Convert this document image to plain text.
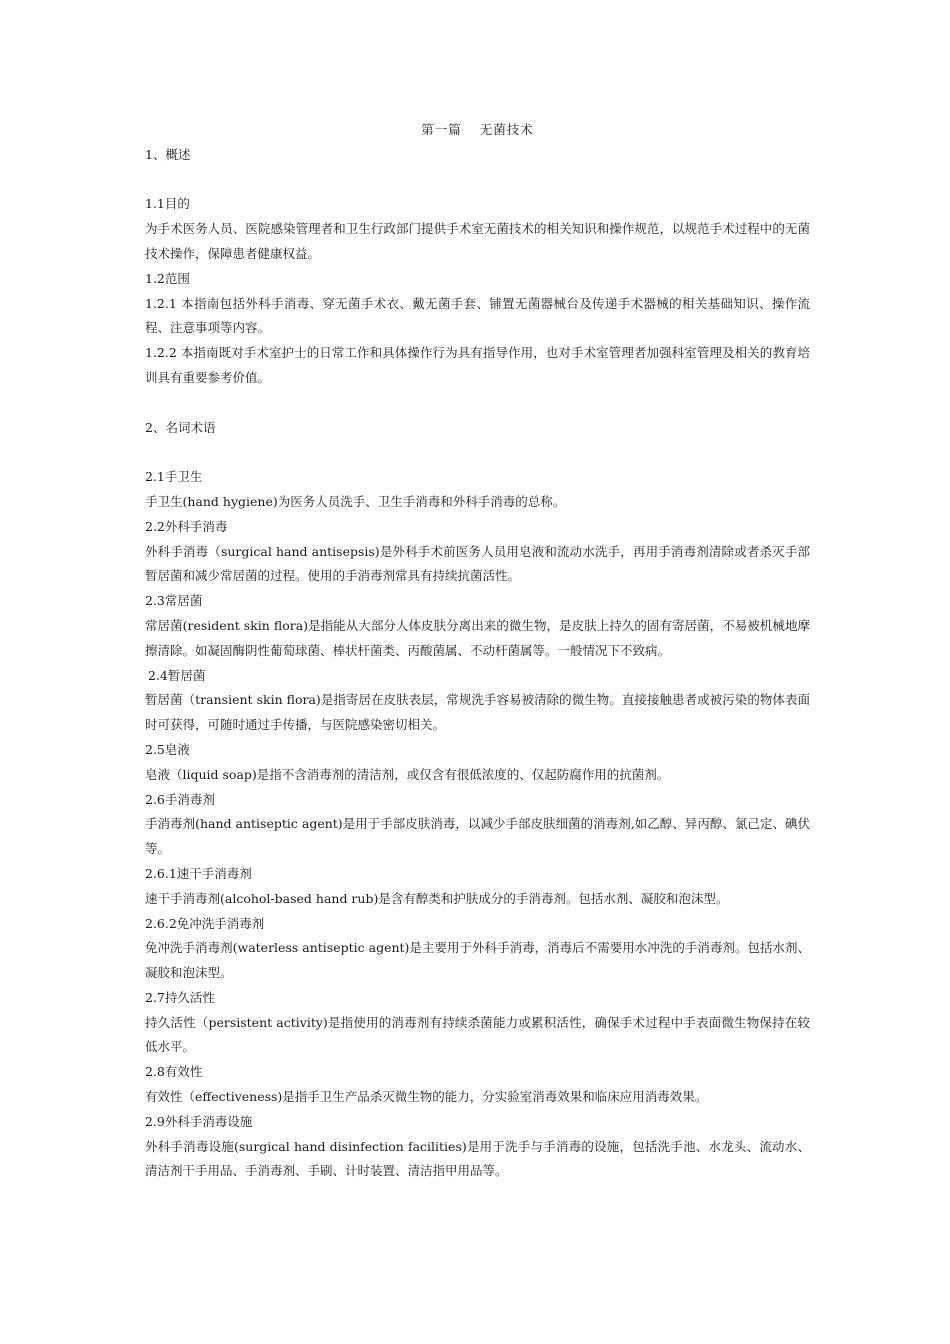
第一篇 无菌技术

1、概述

1.1目的

为手术医务人员、医院感染管理者和卫生行政部门提供手术室无菌技术的相关知识和操作规范，以规范手术过程中的无菌技术操作，保障患者健康权益。

1.2范围

1.2.1 本指南包括外科手消毒、穿无菌手术衣、戴无菌手套、铺置无菌器械台及传递手术器械的相关基础知识、操作流程、注意事项等内容。

1.2.2 本指南既对手术室护士的日常工作和具体操作行为具有指导作用，也对手术室管理者加强科室管理及相关的教育培训具有重要参考价值。

2、名词术语

2.1手卫生

手卫生(hand hygiene)为医务人员洗手、卫生手消毒和外科手消毒的总称。

2.2外科手消毒

外科手消毒（surgical hand antisepsis)是外科手术前医务人员用皂液和流动水洗手，再用手消毒剂清除或者杀灭手部暂居菌和减少常居菌的过程。使用的手消毒剂常具有持续抗菌活性。

2.3常居菌

常居菌(resident skin flora)是指能从大部分人体皮肤分离出来的微生物，是皮肤上持久的固有寄居菌，不易被机械地摩擦清除。如凝固酶阴性葡萄球菌、棒状杆菌类、丙酸菌属、不动杆菌属等。一般情况下不致病。

2.4暂居菌

暂居菌（transient skin flora)是指寄居在皮肤表层，常规洗手容易被清除的微生物。直接接触患者或被污染的物体表面时可获得，可随时通过手传播，与医院感染密切相关。

2.5皂液

皂液（liquid soap)是指不含消毒剂的清洁剂，或仅含有很低浓度的、仅起防腐作用的抗菌剂。

2.6手消毒剂

手消毒剂(hand antiseptic agent)是用于手部皮肤消毒，以减少手部皮肤细菌的消毒剂,如乙醇、异丙醇、氯己定、碘伏等。

2.6.1速干手消毒剂

速干手消毒剂(alcohol-based hand rub)是含有醇类和护肤成分的手消毒剂。包括水剂、凝胶和泡沫型。

2.6.2免冲洗手消毒剂

免冲洗手消毒剂(waterless antiseptic agent)是主要用于外科手消毒，消毒后不需要用水冲洗的手消毒剂。包括水剂、凝胶和泡沫型。

2.7持久活性

持久活性（persistent activity)是指使用的消毒剂有持续杀菌能力或累积活性，确保手术过程中手表面微生物保持在较低水平。

2.8有效性

有效性（effectiveness)是指手卫生产品杀灭微生物的能力，分实验室消毒效果和临床应用消毒效果。

2.9外科手消毒设施

外科手消毒设施(surgical hand disinfection facilities)是用于洗手与手消毒的设施，包括洗手池、水龙头、流动水、清洁剂干手用品、手消毒剂、手刷、计时装置、清洁指甲用品等。
